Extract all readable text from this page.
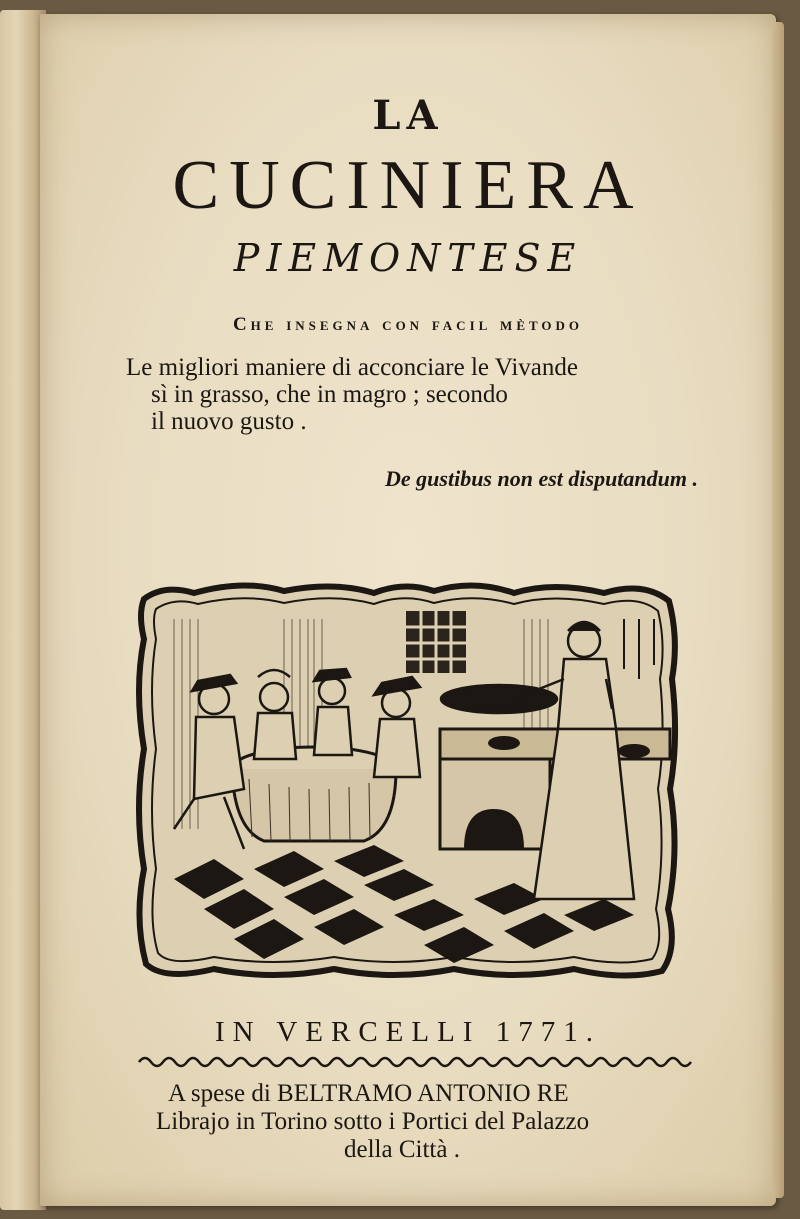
LA
CUCINIERA
PIEMONTESE
Che insegna con facil mètodo
Le migliori maniere di acconciare le Vivande
sì in grasso, che in magro ; secondo
il nuovo gusto .
De gustibus non est disputandum .
IN VERCELLI 1771.
A spese di BELTRAMO ANTONIO RE
Librajo in Torino sotto i Portici del Palazzo
della Città .
